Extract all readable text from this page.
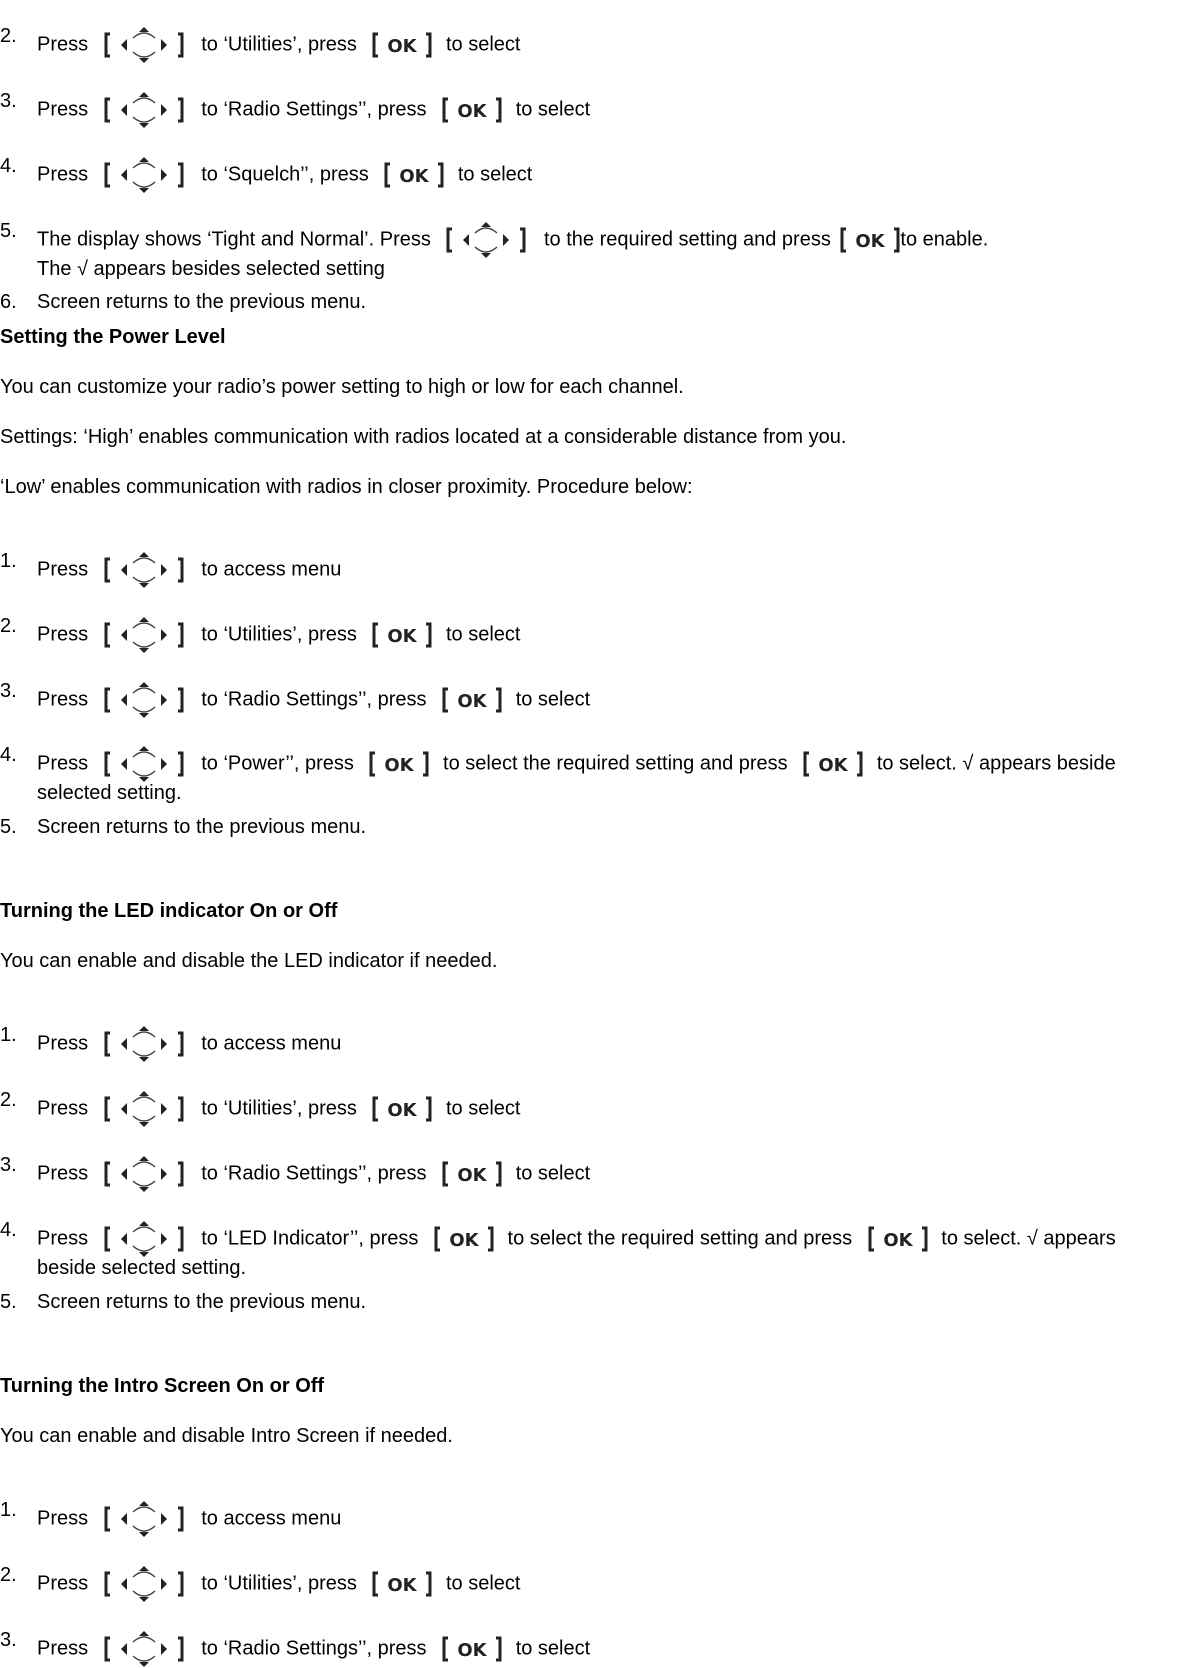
2. Press	to ‘Utilities’, press OK to select
3. Press	to ‘Radio Settings’’, press OK to select
4. Press	to ‘Squelch’’, press OK to select
5. The display shows ‘Tight and Normal’. Press	to the required setting and press OK to enable.
The √ appears besides selected setting
6. Screen returns to the previous menu.
Setting the Power Level
You can customize your radio’s power setting to high or low for each channel.
Settings: ‘High’ enables communication with radios located at a considerable distance from you.
‘Low’ enables communication with radios in closer proximity. Procedure below:
1. Press	to access menu
2. Press	to ‘Utilities’, press OK to select
3. Press	to ‘Radio Settings’’, press OK to select
4. Press	to ‘Power’’, press OK to select the required setting and press OK to select. √ appears beside
selected setting.
5. Screen returns to the previous menu.
Turning the LED indicator On or Off
You can enable and disable the LED indicator if needed.
1. Press	to access menu
2. Press	to ‘Utilities’, press OK to select
3. Press	to ‘Radio Settings’’, press OK to select
4. Press	to ‘LED Indicator’’, press OK to select the required setting and press OK to select. √ appears
beside selected setting.
5. Screen returns to the previous menu.
Turning the Intro Screen On or Off
You can enable and disable Intro Screen if needed.
1. Press	to access menu
2. Press	to ‘Utilities’, press OK to select
3. Press	to ‘Radio Settings’’, press OK to select
